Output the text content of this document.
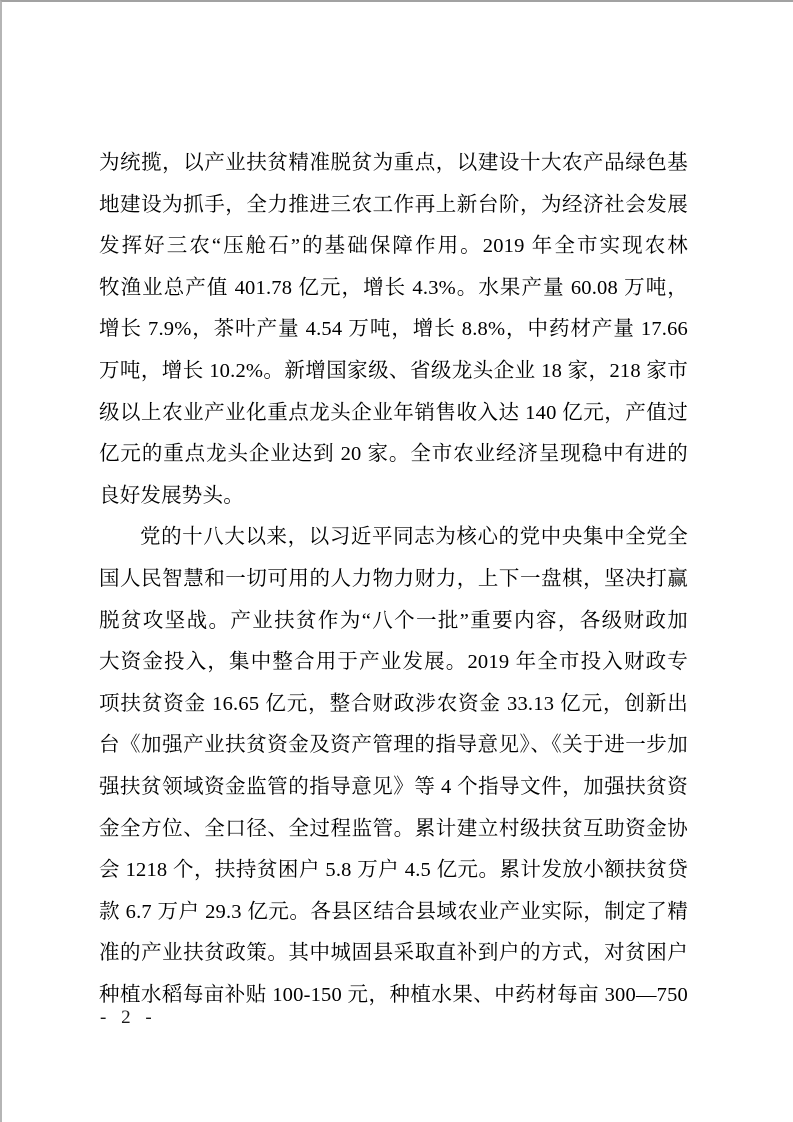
为统揽，以产业扶贫精准脱贫为重点，以建设十大农产品绿色基
地建设为抓手，全力推进三农工作再上新台阶，为经济社会发展
发挥好三农“压舱石”的基础保障作用。2019 年全市实现农林
牧渔业总产值 401.78 亿元，增长 4.3%。水果产量 60.08 万吨，
增长 7.9%，茶叶产量 4.54 万吨，增长 8.8%，中药材产量 17.66
万吨，增长 10.2%。新增国家级、省级龙头企业 18 家，218 家市
级以上农业产业化重点龙头企业年销售收入达 140 亿元，产值过
亿元的重点龙头企业达到 20 家。全市农业经济呈现稳中有进的
良好发展势头。
党的十八大以来，以习近平同志为核心的党中央集中全党全
国人民智慧和一切可用的人力物力财力，上下一盘棋，坚决打赢
脱贫攻坚战。产业扶贫作为“八个一批”重要内容，各级财政加
大资金投入，集中整合用于产业发展。2019 年全市投入财政专
项扶贫资金 16.65 亿元，整合财政涉农资金 33.13 亿元，创新出
台《加强产业扶贫资金及资产管理的指导意见》、《关于进一步加
强扶贫领域资金监管的指导意见》等 4 个指导文件，加强扶贫资
金全方位、全口径、全过程监管。累计建立村级扶贫互助资金协
会 1218 个，扶持贫困户 5.8 万户 4.5 亿元。累计发放小额扶贫贷
款 6.7 万户 29.3 亿元。各县区结合县域农业产业实际，制定了精
准的产业扶贫政策。其中城固县采取直补到户的方式，对贫困户
种植水稻每亩补贴 100-150 元，种植水果、中药材每亩 300—750
- 2 -
